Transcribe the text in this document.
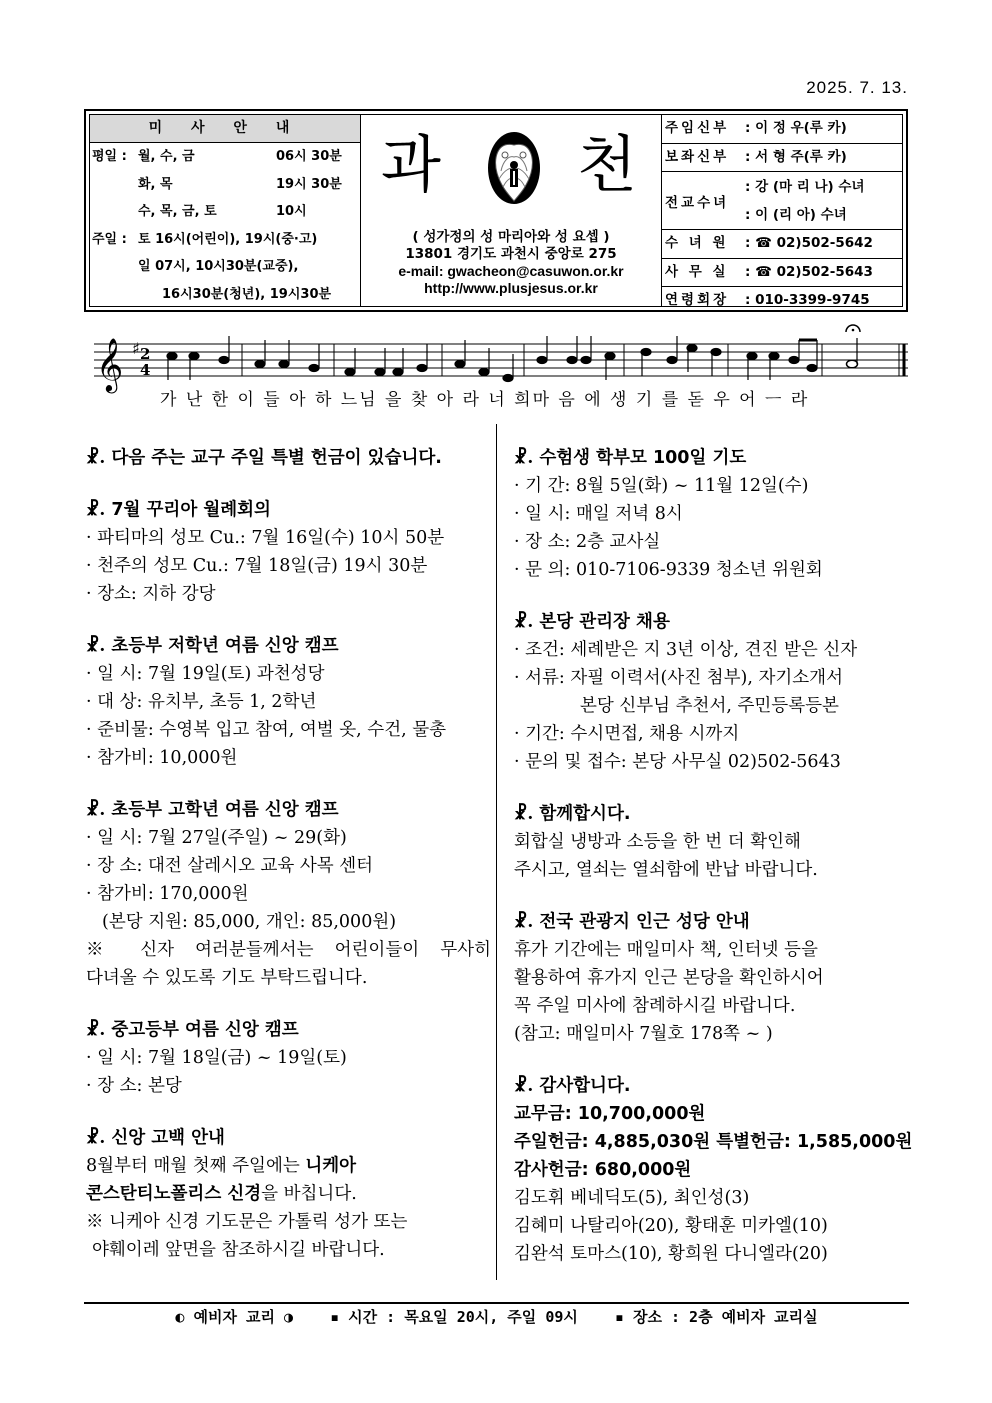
2025. 7. 13.
미 사 안 내
평일 : 월, 수, 금	06시 30분
화, 목	19시 30분
수, 목, 금, 토	10시
주일 : 토 16시(어린이), 19시(중·고)
일 07시, 10시30분(교중),
16시30분(청년), 19시30분
과 천
( 성가정의 성 마리아와 성 요셉 )
13801 경기도 과천시 중앙로 275
e-mail: gwacheon@casuwon.or.kr
http://www.plusjesus.or.kr
주임신부	: 이 정 우(루 카)
보좌신부	: 서 형 주(루 카)
전교수녀
: 강 (마 리 나) 수녀
: 이 (리 아) 수녀
수 녀 원	: ☎ 02)502-5642
사 무 실	: ☎ 02)502-5643
연령회장	: 010-3399-9745
𝄞 ♯ 2
4
가 난 한 이 들 아 하 느님 을 찾 아 라 너 희마 음 에 생 기 를 돋 우 어 ㅡ 라
☧. 다음 주는 교구 주일 특별 헌금이 있습니다.
☧. 7월 꾸리아 월례회의
· 파티마의 성모 Cu.: 7월 16일(수) 10시 50분
· 천주의 성모 Cu.: 7월 18일(금) 19시 30분
· 장소: 지하 강당
☧. 초등부 저학년 여름 신앙 캠프
· 일 시: 7월 19일(토) 과천성당
· 대 상: 유치부, 초등 1, 2학년
· 준비물: 수영복 입고 참여, 여벌 옷, 수건, 물총
· 참가비: 10,000원
☧. 초등부 고학년 여름 신앙 캠프
· 일 시: 7월 27일(주일) ~ 29(화)
· 장 소: 대전 살레시오 교육 사목 센터
· 참가비: 170,000원
(본당 지원: 85,000, 개인: 85,000원)
※ 신자 여러분들께서는 어린이들이 무사히
다녀올 수 있도록 기도 부탁드립니다.
☧. 중고등부 여름 신앙 캠프
· 일 시: 7월 18일(금) ~ 19일(토)
· 장 소: 본당
☧. 신앙 고백 안내
8월부터 매월 첫째 주일에는 니케아
콘스탄티노폴리스 신경을 바칩니다.
※ 니케아 신경 기도문은 가톨릭 성가 또는
야훼이레 앞면을 참조하시길 바랍니다.
☧. 수험생 학부모 100일 기도
· 기 간: 8월 5일(화) ~ 11월 12일(수)
· 일 시: 매일 저녁 8시
· 장 소: 2층 교사실
· 문 의: 010-7106-9339 청소년 위원회
☧. 본당 관리장 채용
· 조건: 세례받은 지 3년 이상, 견진 받은 신자
· 서류: 자필 이력서(사진 첨부), 자기소개서
본당 신부님 추천서, 주민등록등본
· 기간: 수시면접, 채용 시까지
· 문의 및 접수: 본당 사무실 02)502-5643
☧. 함께합시다.
회합실 냉방과 소등을 한 번 더 확인해
주시고, 열쇠는 열쇠함에 반납 바랍니다.
☧. 전국 관광지 인근 성당 안내
휴가 기간에는 매일미사 책, 인터넷 등을
활용하여 휴가지 인근 본당을 확인하시어
꼭 주일 미사에 참례하시길 바랍니다.
(참고: 매일미사 7월호 178쪽 ~ )
☧. 감사합니다.
교무금: 10,700,000원
주일헌금: 4,885,030원 특별헌금: 1,585,000원
감사헌금: 680,000원
김도휘 베네딕도(5), 최인성(3)
김혜미 나탈리아(20), 황태훈 미카엘(10)
김완석 토마스(10), 황희원 다니엘라(20)
◐ 예비자 교리 ◑ ▪ 시간 : 목요일 20시, 주일 09시 ▪ 장소 : 2층 예비자 교리실
